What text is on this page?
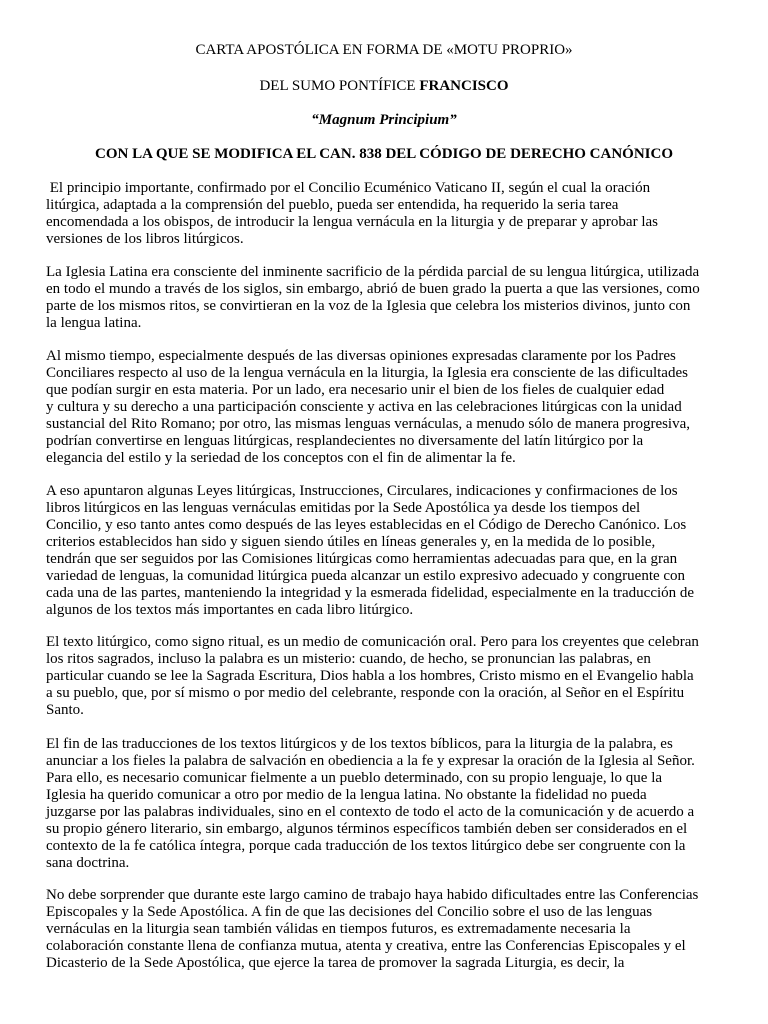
CARTA APOSTÓLICA EN FORMA DE «MOTU PROPRIO»

DEL SUMO PONTÍFICE FRANCISCO

“Magnum Principium”

CON LA QUE SE MODIFICA EL CAN. 838 DEL CÓDIGO DE DERECHO CANÓNICO

El principio importante, confirmado por el Concilio Ecuménico Vaticano II, según el cual la oración
litúrgica, adaptada a la comprensión del pueblo, pueda ser entendida, ha requerido la seria tarea
encomendada a los obispos, de introducir la lengua vernácula en la liturgia y de preparar y aprobar las
versiones de los libros litúrgicos.

La Iglesia Latina era consciente del inminente sacrificio de la pérdida parcial de su lengua litúrgica, utilizada
en todo el mundo a través de los siglos, sin embargo, abrió de buen grado la puerta a que las versiones, como
parte de los mismos ritos, se convirtieran en la voz de la Iglesia que celebra los misterios divinos, junto con
la lengua latina.

Al mismo tiempo, especialmente después de las diversas opiniones expresadas claramente por los Padres
Conciliares respecto al uso de la lengua vernácula en la liturgia, la Iglesia era consciente de las dificultades
que podían surgir en esta materia. Por un lado, era necesario unir el bien de los fieles de cualquier edad
y cultura y su derecho a una participación consciente y activa en las celebraciones litúrgicas con la unidad
sustancial del Rito Romano; por otro, las mismas lenguas vernáculas, a menudo sólo de manera progresiva,
podrían convertirse en lenguas litúrgicas, resplandecientes no diversamente del latín litúrgico por la
elegancia del estilo y la seriedad de los conceptos con el fin de alimentar la fe.

A eso apuntaron algunas Leyes litúrgicas, Instrucciones, Circulares, indicaciones y confirmaciones de los
libros litúrgicos en las lenguas vernáculas emitidas por la Sede Apostólica ya desde los tiempos del
Concilio, y eso tanto antes como después de las leyes establecidas en el Código de Derecho Canónico. Los
criterios establecidos han sido y siguen siendo útiles en líneas generales y, en la medida de lo posible,
tendrán que ser seguidos por las Comisiones litúrgicas como herramientas adecuadas para que, en la gran
variedad de lenguas, la comunidad litúrgica pueda alcanzar un estilo expresivo adecuado y congruente con
cada una de las partes, manteniendo la integridad y la esmerada fidelidad, especialmente en la traducción de
algunos de los textos más importantes en cada libro litúrgico.

El texto litúrgico, como signo ritual, es un medio de comunicación oral. Pero para los creyentes que celebran
los ritos sagrados, incluso la palabra es un misterio: cuando, de hecho, se pronuncian las palabras, en
particular cuando se lee la Sagrada Escritura, Dios habla a los hombres, Cristo mismo en el Evangelio habla
a su pueblo, que, por sí mismo o por medio del celebrante, responde con la oración, al Señor en el Espíritu
Santo.

El fin de las traducciones de los textos litúrgicos y de los textos bíblicos, para la liturgia de la palabra, es
anunciar a los fieles la palabra de salvación en obediencia a la fe y expresar la oración de la Iglesia al Señor.
Para ello, es necesario comunicar fielmente a un pueblo determinado, con su propio lenguaje, lo que la
Iglesia ha querido comunicar a otro por medio de la lengua latina. No obstante la fidelidad no pueda
juzgarse por las palabras individuales, sino en el contexto de todo el acto de la comunicación y de acuerdo a
su propio género literario, sin embargo, algunos términos específicos también deben ser considerados en el
contexto de la fe católica íntegra, porque cada traducción de los textos litúrgico debe ser congruente con la
sana doctrina.

No debe sorprender que durante este largo camino de trabajo haya habido dificultades entre las Conferencias
Episcopales y la Sede Apostólica. A fin de que las decisiones del Concilio sobre el uso de las lenguas
vernáculas en la liturgia sean también válidas en tiempos futuros, es extremadamente necesaria la
colaboración constante llena de confianza mutua, atenta y creativa, entre las Conferencias Episcopales y el
Dicasterio de la Sede Apostólica, que ejerce la tarea de promover la sagrada Liturgia, es decir, la
